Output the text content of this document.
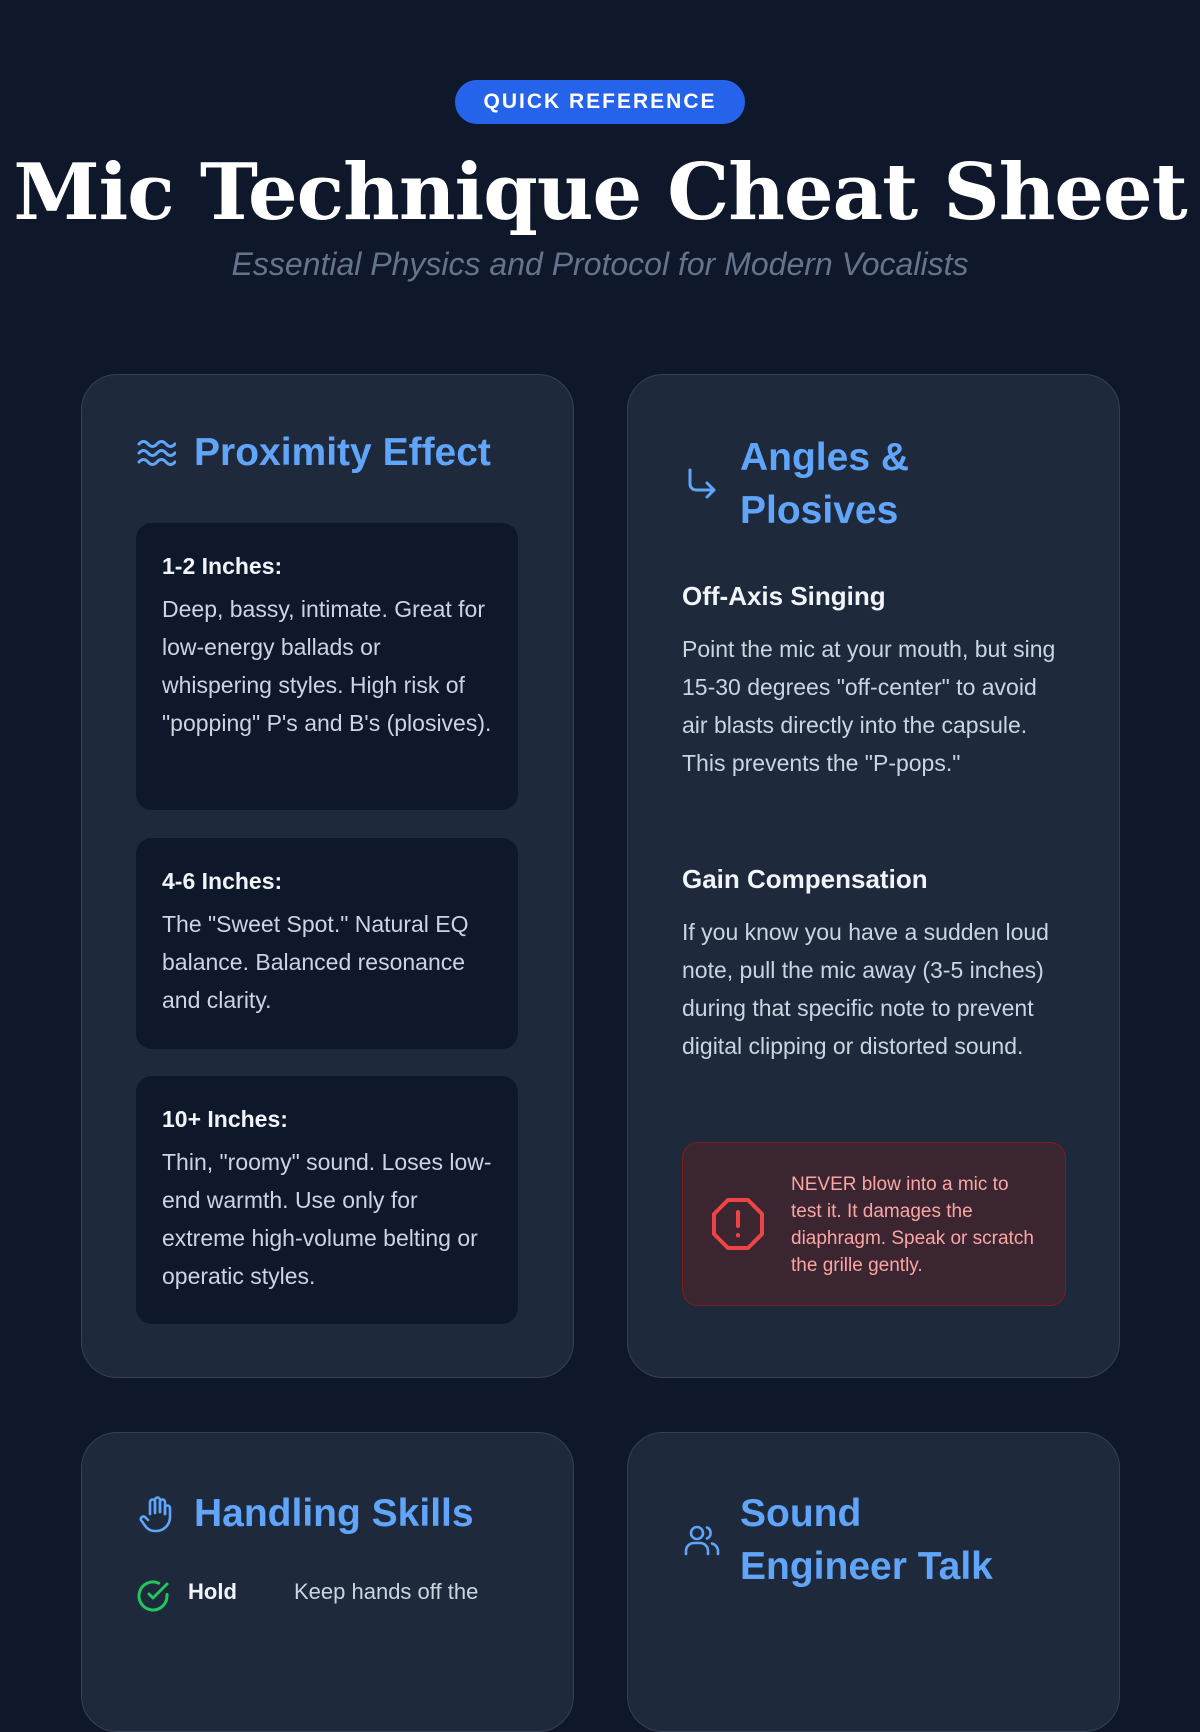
QUICK REFERENCE
Mic Technique Cheat Sheet
Essential Physics and Protocol for Modern Vocalists
Proximity Effect
1-2 Inches:
Deep, bassy, intimate. Great for low-energy ballads or whispering styles. High risk of "popping" P's and B's (plosives).
4-6 Inches:
The "Sweet Spot." Natural EQ balance. Balanced resonance and clarity.
10+ Inches:
Thin, "roomy" sound. Loses low-end warmth. Use only for extreme high-volume belting or operatic styles.
Angles & Plosives
Off-Axis Singing
Point the mic at your mouth, but sing 15-30 degrees "off-center" to avoid air blasts directly into the capsule. This prevents the "P-pops."
Gain Compensation
If you know you have a sudden loud note, pull the mic away (3-5 inches) during that specific note to prevent digital clipping or distorted sound.
NEVER blow into a mic to test it. It damages the diaphragm. Speak or scratch the grille gently.
Handling Skills
Hold	Keep hands off the
Sound Engineer Talk
